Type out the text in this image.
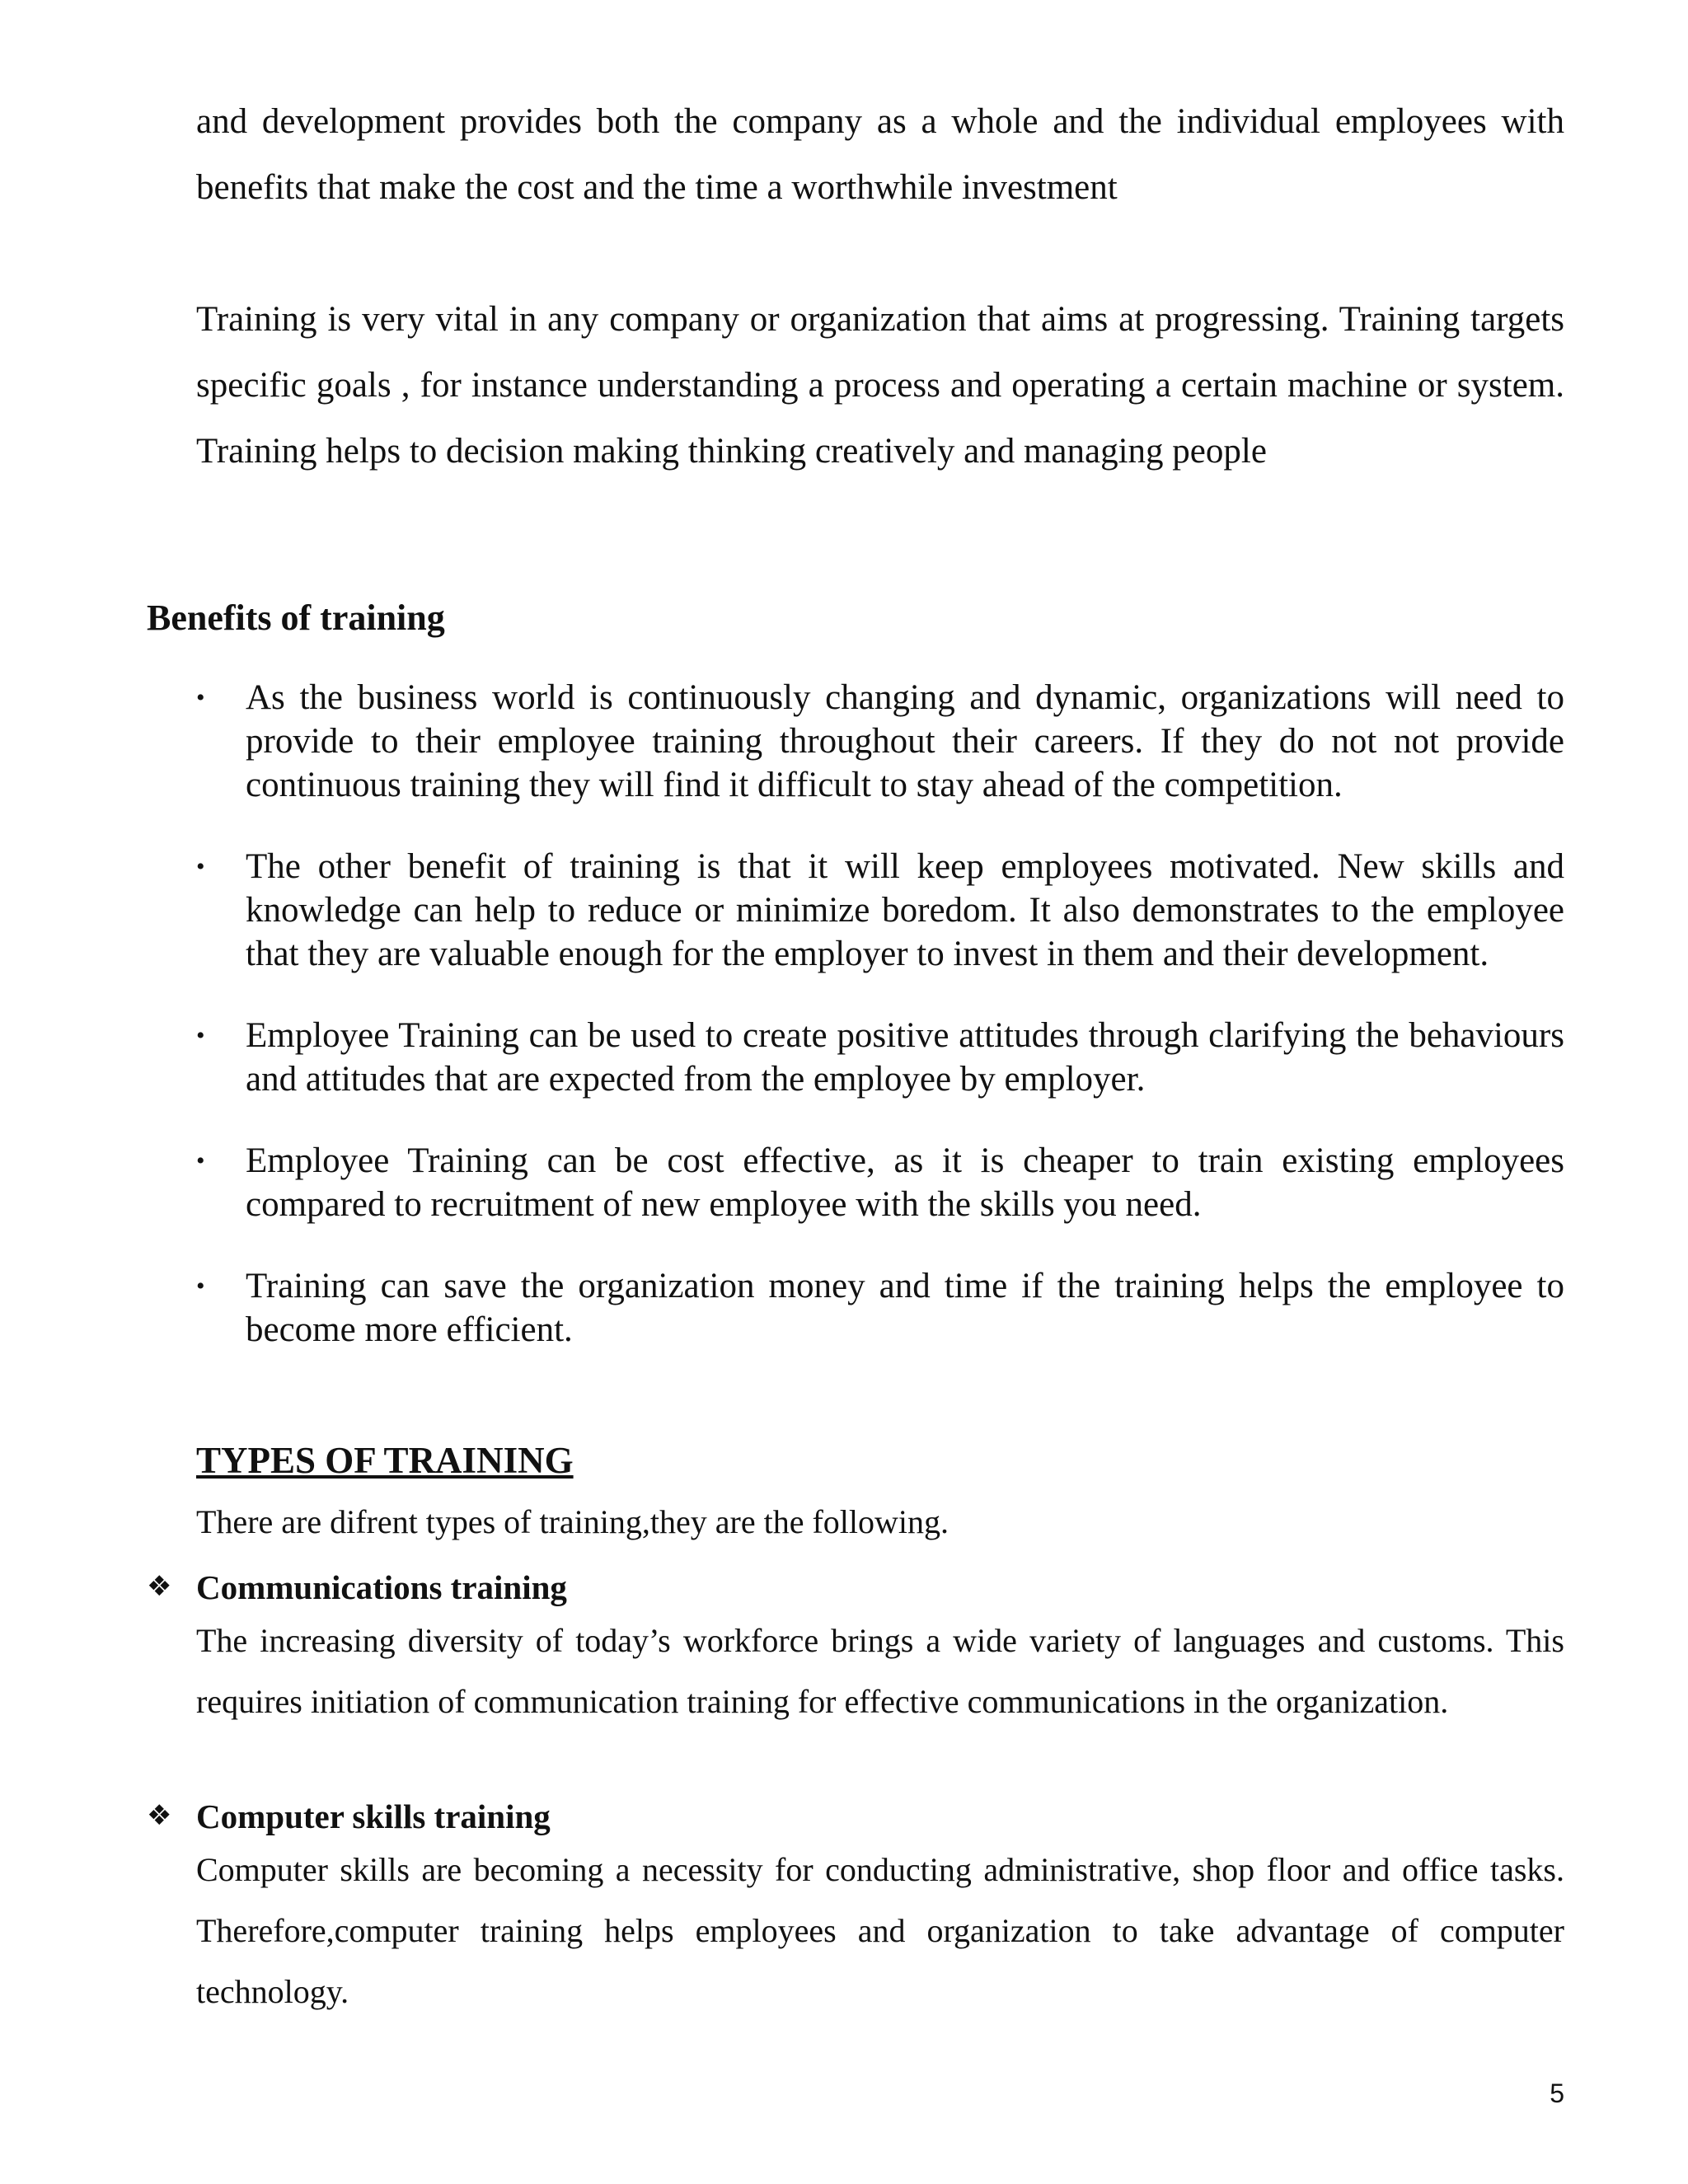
and development provides both the company as a whole and the individual employees with benefits that make the cost and the time a worthwhile investment

Training is very vital in any company or organization that aims at progressing. Training targets specific goals , for instance understanding a process and operating a certain machine or system. Training helps to decision making thinking creatively and managing people

Benefits of training
•	As the business world is continuously changing and dynamic, organizations will need to provide to their employee training throughout their careers. If they do not not provide continuous training they will find it difficult to stay ahead of the competition.
•	The other benefit of training is that it will keep employees motivated. New skills and knowledge can help to reduce or minimize boredom. It also demonstrates to the employee that they are valuable enough for the employer to invest in them and their development.
•	Employee Training can be used to create positive attitudes through clarifying the behaviours and attitudes that are expected from the employee by employer.
•	Employee Training can be cost effective, as it is cheaper to train existing employees compared to recruitment of new employee with the skills you need.
•	Training can save the organization money and time if the training helps the employee to become more efficient.
TYPES OF TRAINING

There are difrent types of training,they are the following.

❖ Communications training

The increasing diversity of today’s workforce brings a wide variety of languages and customs. This requires initiation of communication training for effective communications in the organization.

❖ Computer skills training

Computer skills are becoming a necessity for conducting administrative, shop floor and office tasks. Therefore,computer training helps employees and organization to take advantage of computer technology.

5
